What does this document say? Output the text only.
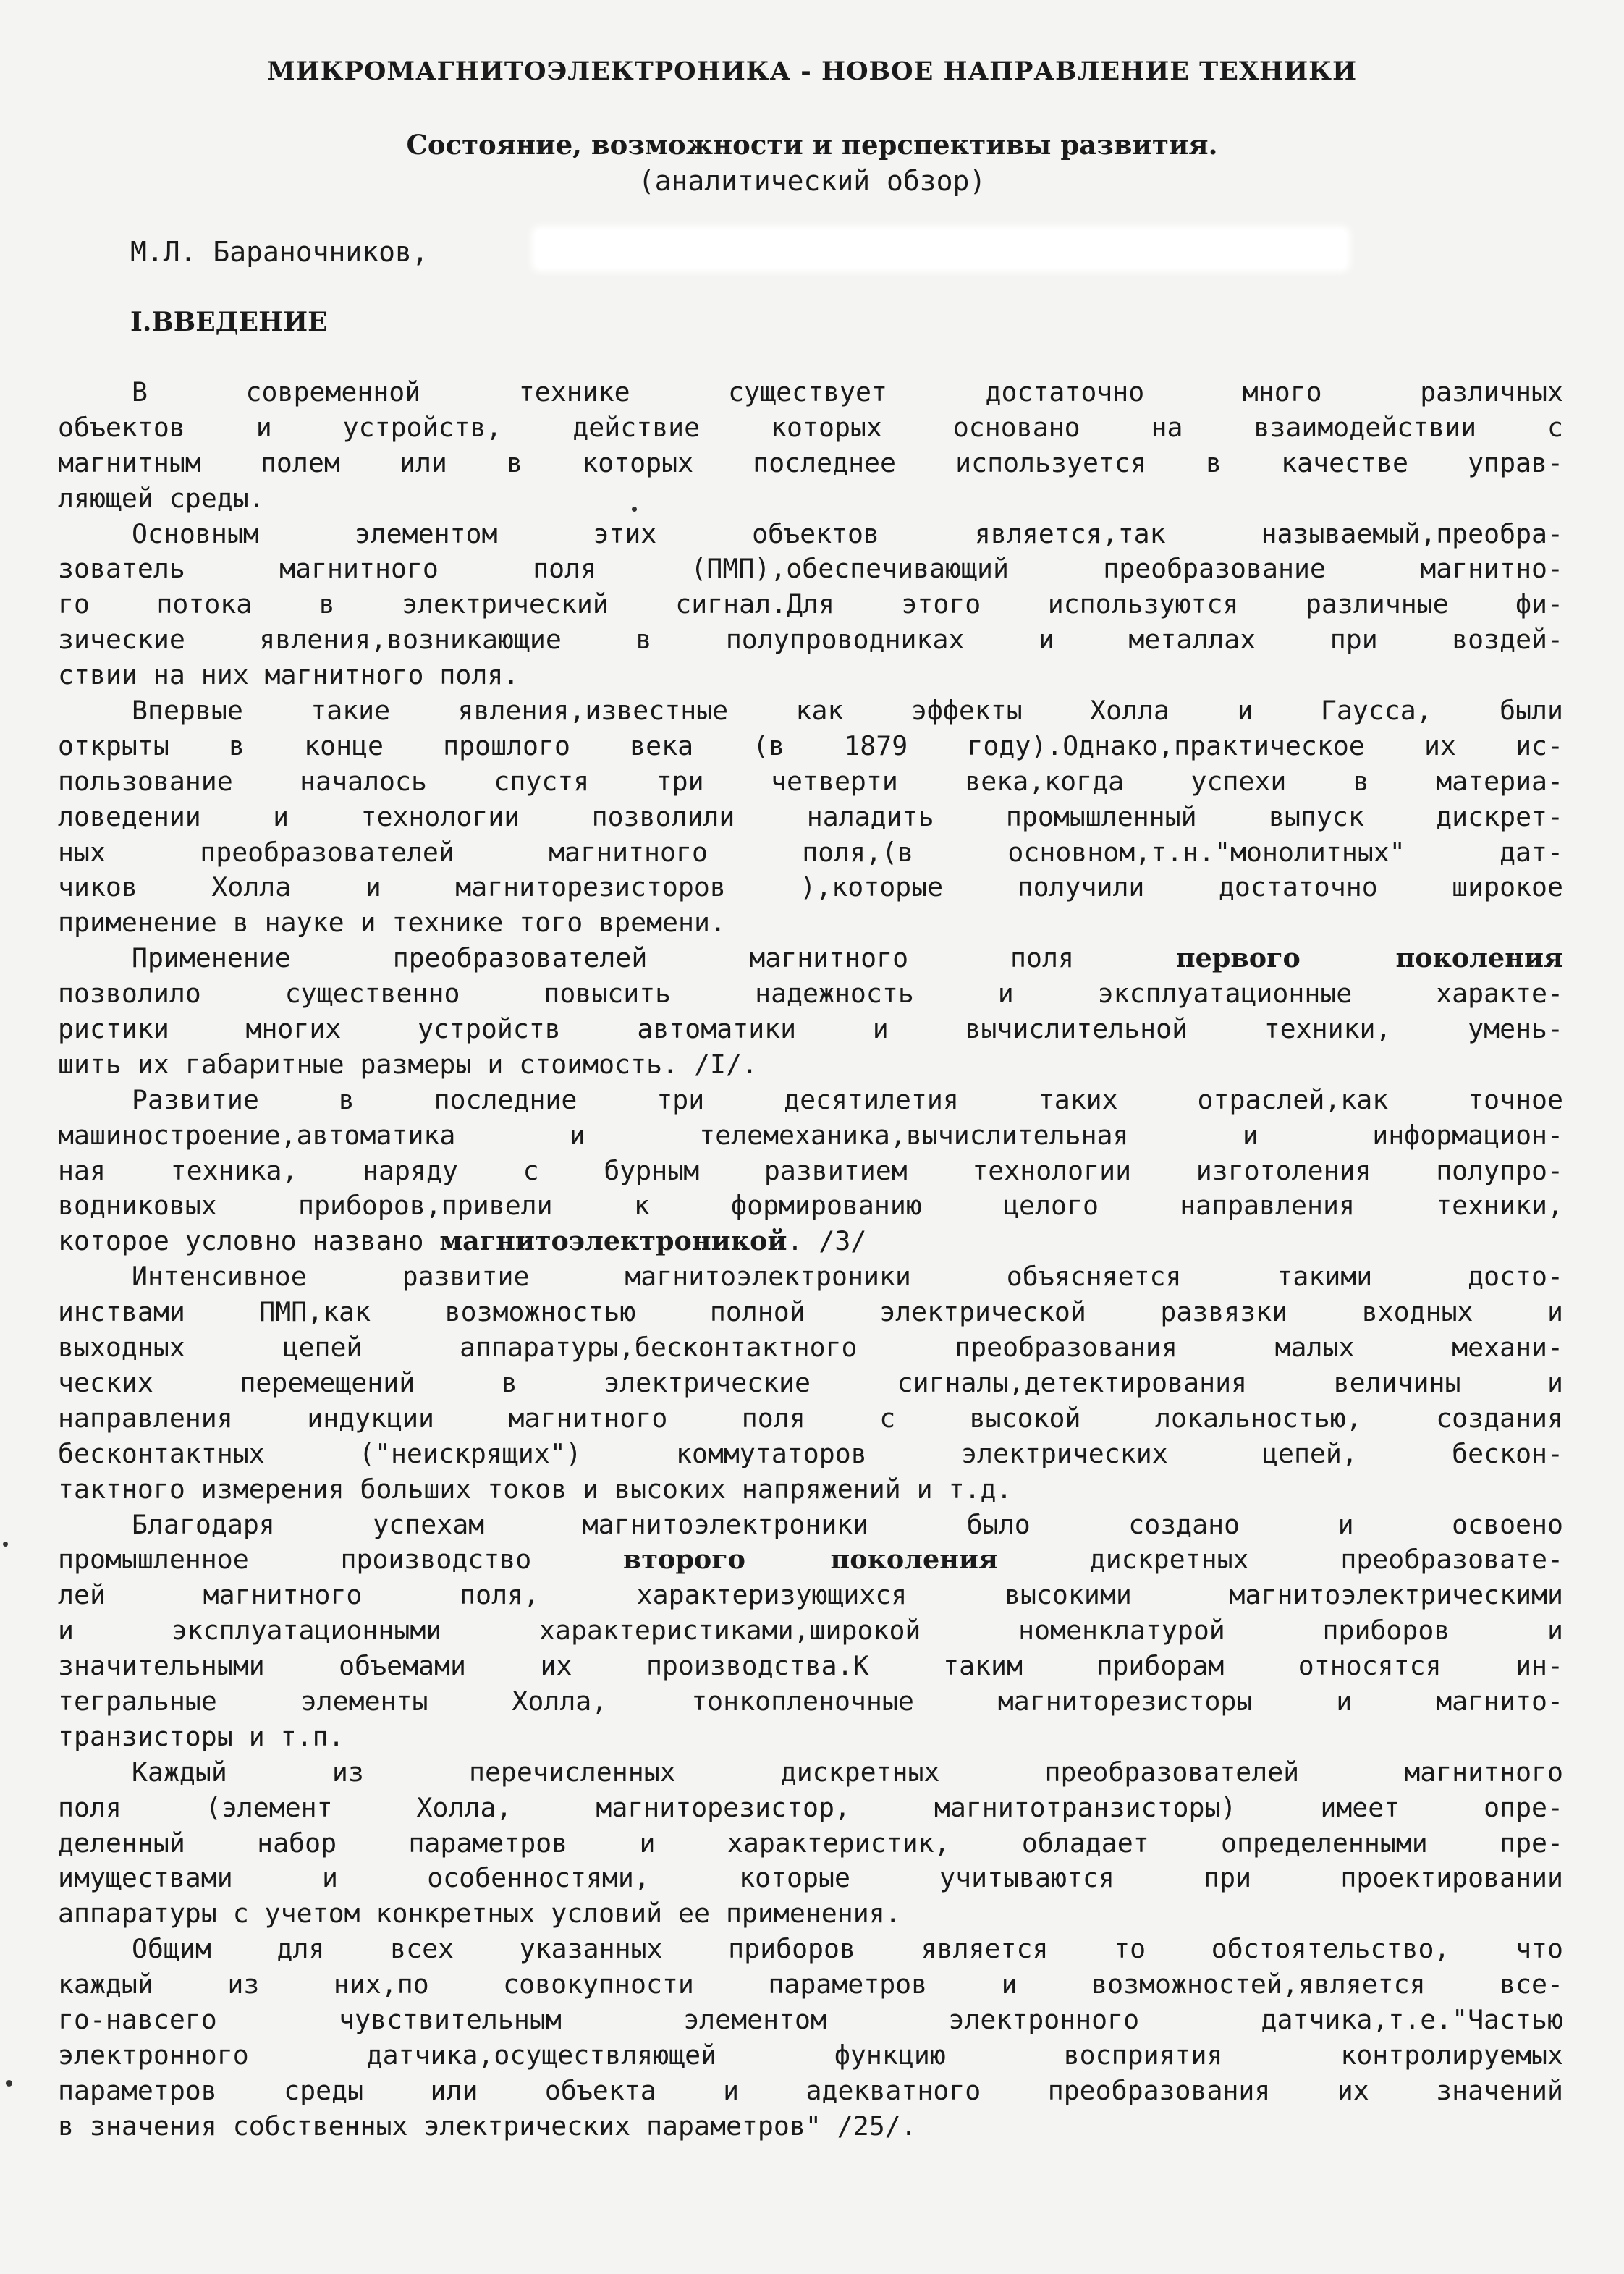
МИКРОМАГНИТОЭЛЕКТРОНИКА - НОВОЕ НАПРАВЛЕНИЕ ТЕХНИКИ
Состояние, возможности и перспективы развития.
(аналитический обзор)
М.Л. Бараночников,
I.ВВЕДЕНИЕ
В современной технике существует достаточно много различных
объектов и устройств, действие которых основано на взаимодействии с
магнитным полем или в которых последнее используется в качестве управ-
ляющей среды.
Основным элементом этих объектов является,так называемый,преобра-
зователь магнитного поля (ПМП),обеспечивающий преобразование магнитно-
го потока в электрический сигнал.Для этого используются различные фи-
зические явления,возникающие в полупроводниках и металлах при воздей-
ствии на них магнитного поля.
Впервые такие явления,известные как эффекты Холла и Гаусса, были
открыты в конце прошлого века (в 1879 году).Однако,практическое их ис-
пользование началось спустя три четверти века,когда успехи в материа-
ловедении и технологии позволили наладить промышленный выпуск дискрет-
ных преобразователей магнитного поля,(в основном,т.н."монолитных" дат-
чиков Холла и магниторезисторов ),которые получили достаточно широкое
применение в науке и технике того времени.
Применение преобразователей магнитного поля первого поколения
позволило существенно повысить надежность и эксплуатационные характе-
ристики многих устройств автоматики и вычислительной техники, умень-
шить их габаритные размеры и стоимость. /I/.
Развитие в последние три десятилетия таких отраслей,как точное
машиностроение,автоматика и телемеханика,вычислительная и информацион-
ная техника, наряду с бурным развитием технологии изготоления полупро-
водниковых приборов,привели к формированию целого направления техники,
которое условно названо магнитоэлектроникой. /3/
Интенсивное развитие магнитоэлектроники объясняется такими досто-
инствами ПМП,как возможностью полной электрической развязки входных и
выходных цепей аппаратуры,бесконтактного преобразования малых механи-
ческих перемещений в электрические сигналы,детектирования величины и
направления индукции магнитного поля с высокой локальностью, создания
бесконтактных ("неискрящих") коммутаторов электрических цепей, бескон-
тактного измерения больших токов и высоких напряжений и т.д.
Благодаря успехам магнитоэлектроники было создано и освоено
промышленное производство второго поколения дискретных преобразовате-
лей магнитного поля, характеризующихся высокими магнитоэлектрическими
и эксплуатационными характеристиками,широкой номенклатурой приборов и
значительными объемами их производства.К таким приборам относятся ин-
тегральные элементы Холла, тонкопленочные магниторезисторы и магнито-
транзисторы и т.п.
Каждый из перечисленных дискретных преобразователей магнитного
поля (элемент Холла, магниторезистор, магнитотранзисторы) имеет опре-
деленный набор параметров и характеристик, обладает определенными пре-
имуществами и особенностями, которые учитываются при проектировании
аппаратуры с учетом конкретных условий ее применения.
Общим для всех указанных приборов является то обстоятельство, что
каждый из них,по совокупности параметров и возможностей,является все-
го-навсего чувствительным элементом электронного датчика,т.е."Частью
электронного датчика,осуществляющей функцию восприятия контролируемых
параметров среды или объекта и адекватного преобразования их значений
в значения собственных электрических параметров" /25/.
